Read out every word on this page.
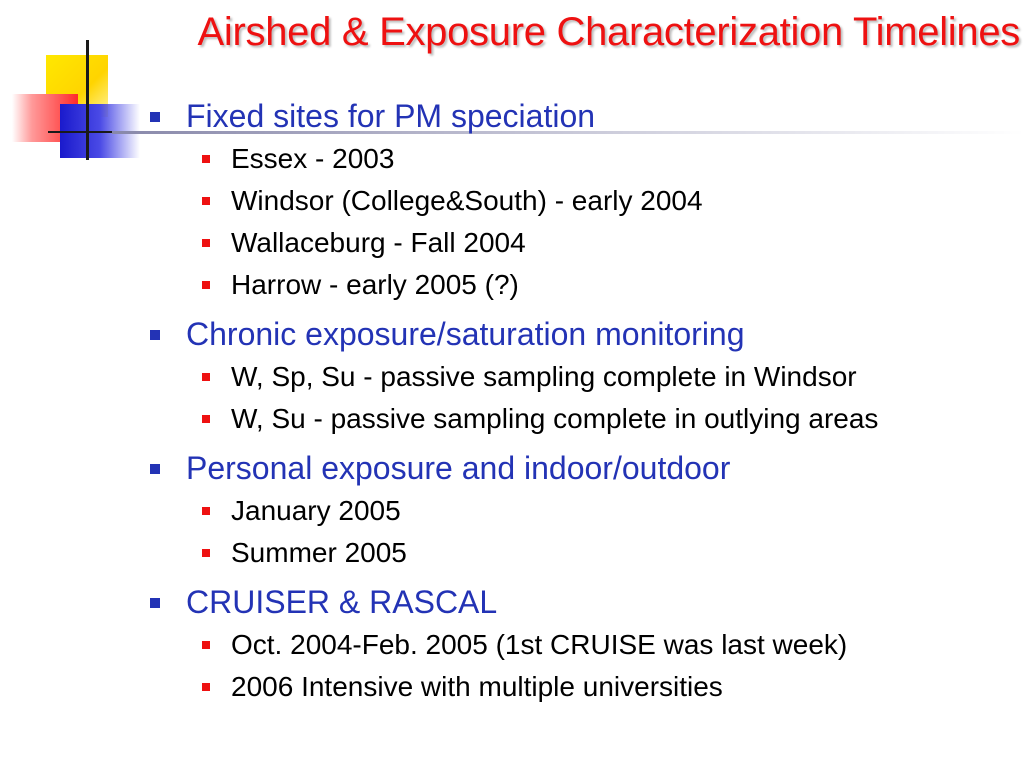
Airshed & Exposure Characterization Timelines
Fixed sites for PM speciation
Essex - 2003
Windsor (College&South) - early 2004
Wallaceburg - Fall 2004
Harrow - early 2005 (?)
Chronic exposure/saturation monitoring
W, Sp, Su - passive sampling complete in Windsor
W, Su - passive sampling complete in outlying areas
Personal exposure and indoor/outdoor
January 2005
Summer 2005
CRUISER & RASCAL
Oct. 2004-Feb. 2005 (1st CRUISE was last week)
2006 Intensive with multiple universities
